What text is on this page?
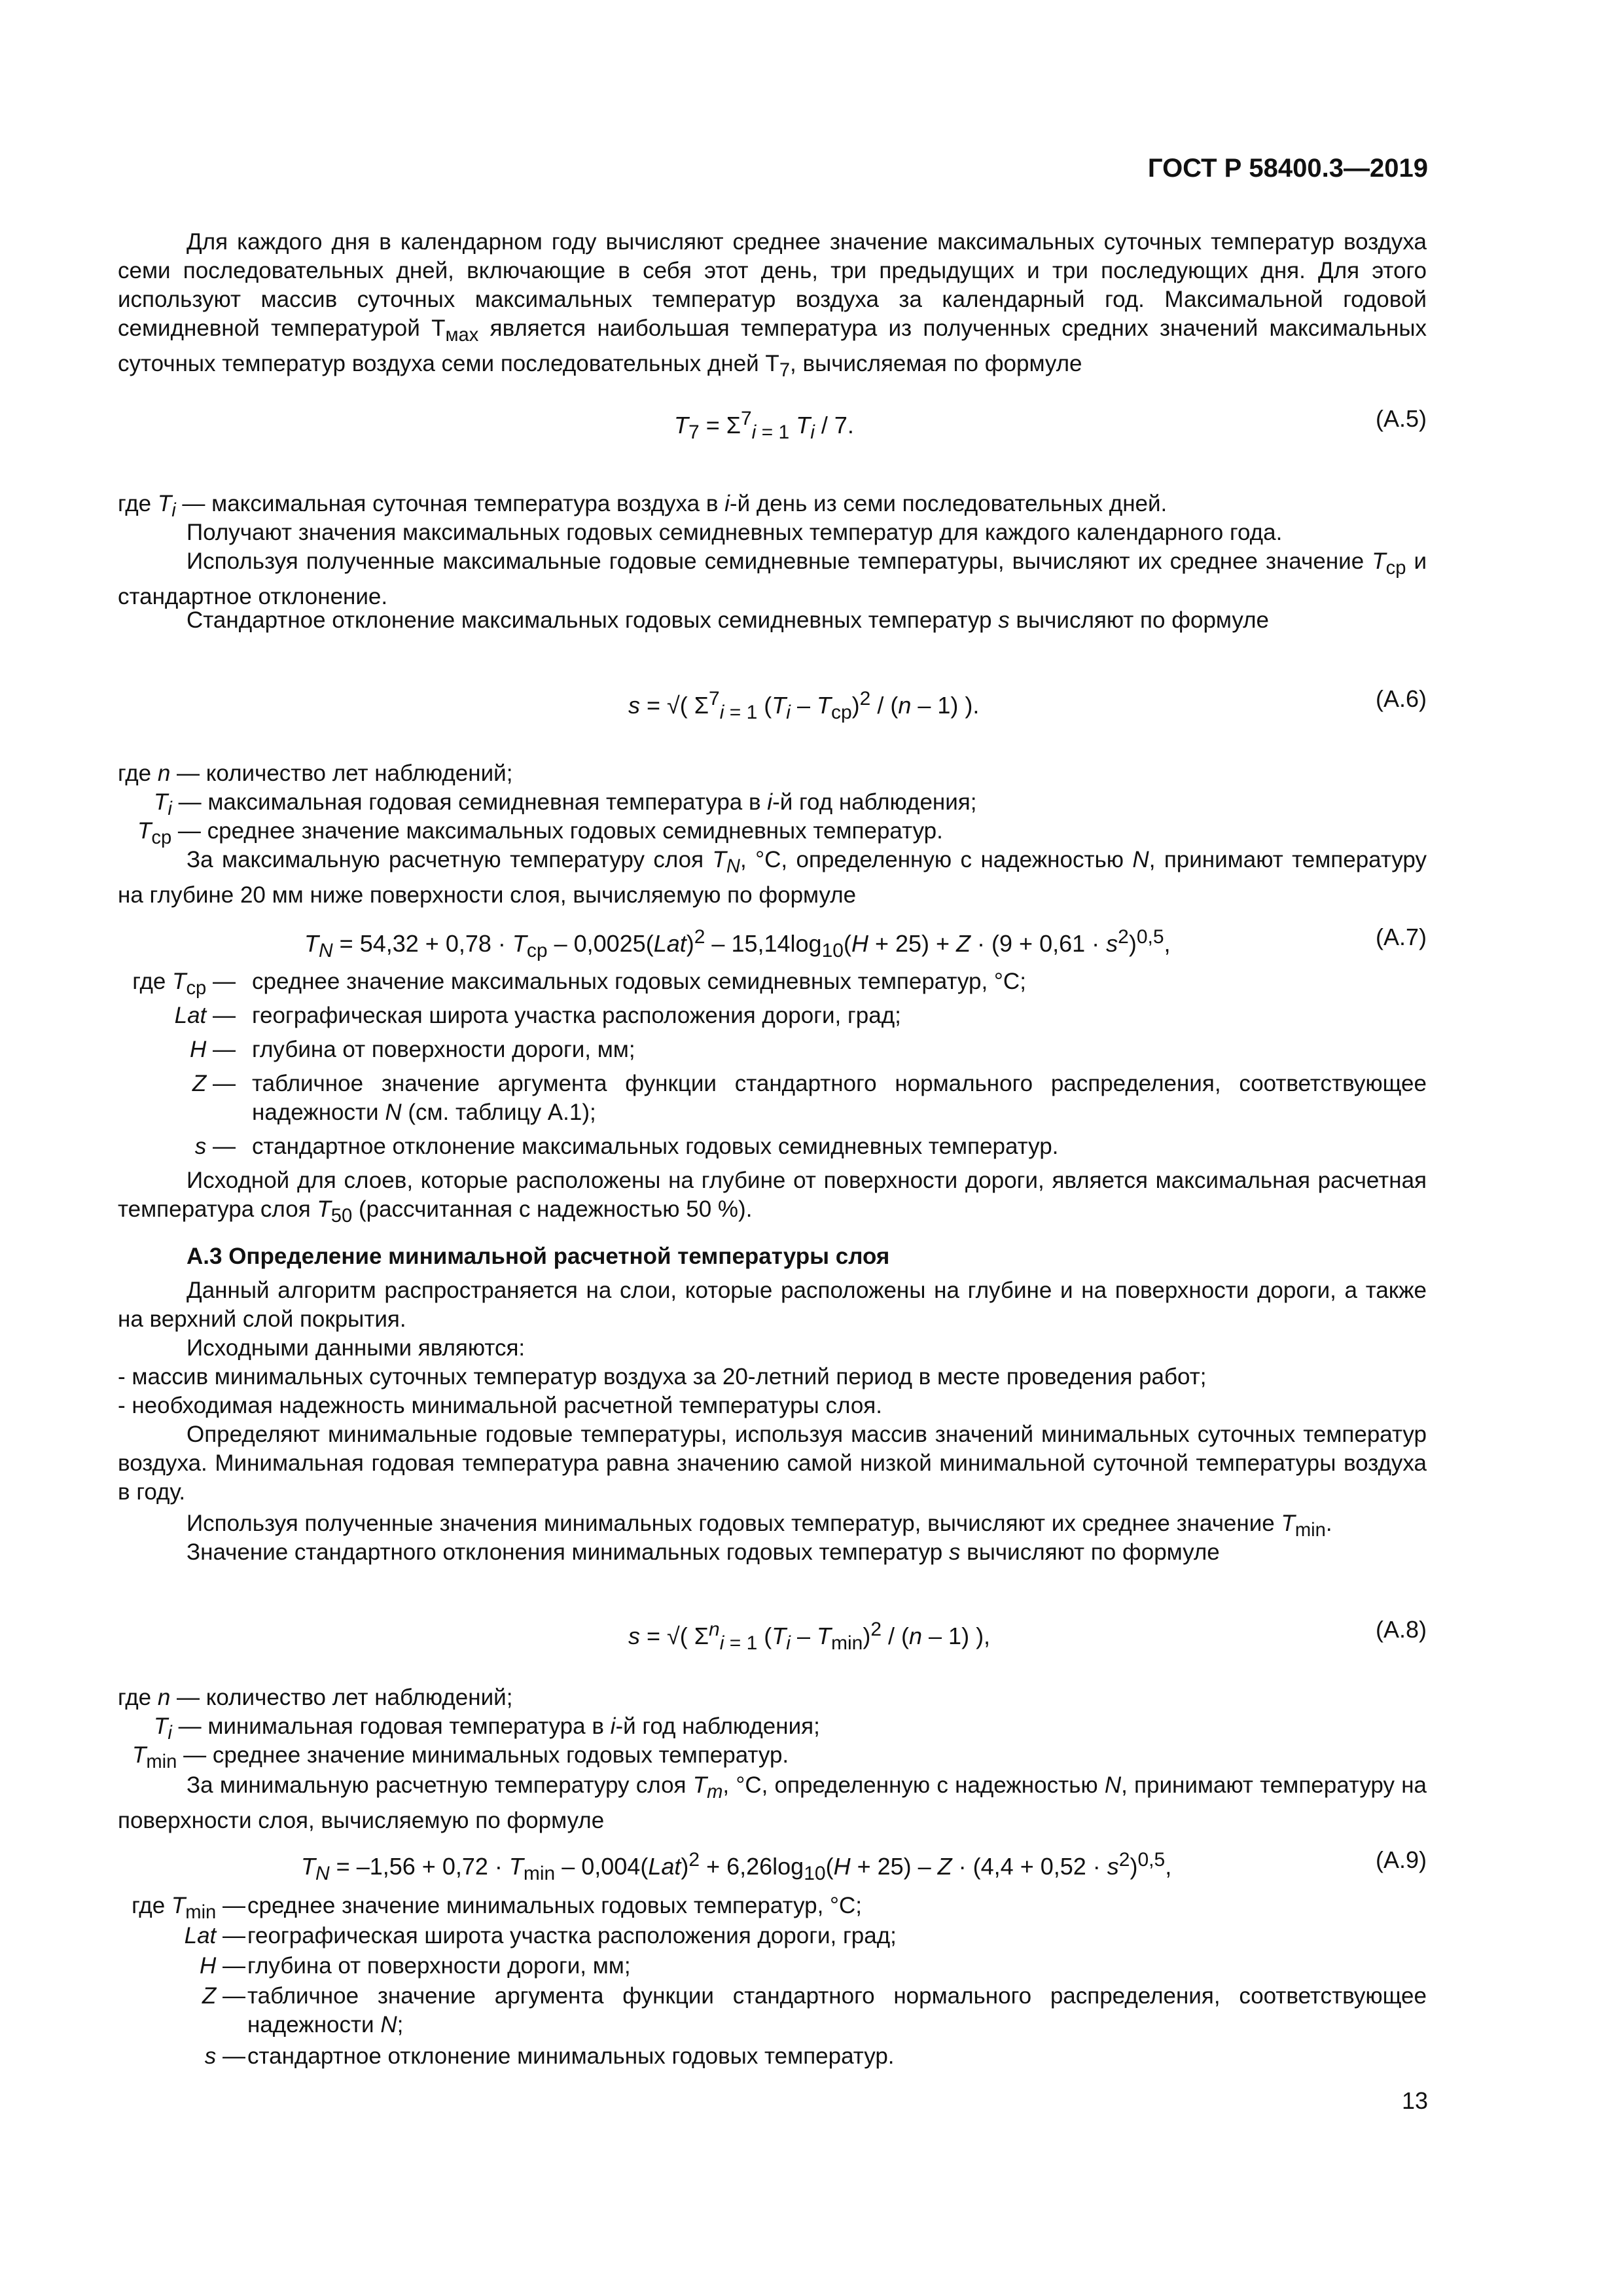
ГОСТ Р 58400.3—2019
Для каждого дня в календарном году вычисляют среднее значение максимальных суточных температур воздуха семи последовательных дней, включающие в себя этот день, три предыдущих и три последующих дня. Для этого используют массив суточных максимальных температур воздуха за календарный год. Максимальной годовой семидневной температурой $T_{мах}$ является наибольшая температура из полученных средних значений максимальных суточных температур воздуха семи последовательных дней $T_7$, вычисляемая по формуле
$T_7 = \Sigma^7_{i = 1}$ $T_i / 7$.	(А.5)
где $T_i$ — максимальная суточная температура воздуха в i-й день из семи последовательных дней.
Получают значения максимальных годовых семидневных температур для каждого календарного года.
Используя полученные максимальные годовые семидневные температуры, вычисляют их среднее значение $T_{ср}$ и стандартное отклонение.
Стандартное отклонение максимальных годовых семидневных температур s вычисляют по формуле
s = √( $\Sigma^7_{i = 1}$ $(T_i - T_{ср})^2 / (n - 1)$ ).	(А.6)
где n — количество лет наблюдений;
$T_i$ — максимальная годовая семидневная температура в i-й год наблюдения;
$T_{ср}$ — среднее значение максимальных годовых семидневных температур.
За максимальную расчетную температуру слоя $T_N$, °С, определенную с надежностью N, принимают температуру на глубине 20 мм ниже поверхности слоя, вычисляемую по формуле
$T_N = 54,32 + 0,78 \cdot T_{ср} - 0,0025(Lat)^2 - 15,14\log_{10}(H + 25) + Z \cdot (9 + 0,61 \cdot s^2)^{0,5}$,	(А.7)
где $T_{ср}$ — среднее значение максимальных годовых семидневных температур, °С;
Lat — географическая широта участка расположения дороги, град;
H — глубина от поверхности дороги, мм;
Z — табличное значение аргумента функции стандартного нормального распределения, соответствующее надежности N (см. таблицу А.1);
s — стандартное отклонение максимальных годовых семидневных температур.
Исходной для слоев, которые расположены на глубине от поверхности дороги, является максимальная расчетная температура слоя $T_{50}$ (рассчитанная с надежностью 50 %).
А.3 Определение минимальной расчетной температуры слоя
Данный алгоритм распространяется на слои, которые расположены на глубине и на поверхности дороги, а также на верхний слой покрытия.
Исходными данными являются:
- массив минимальных суточных температур воздуха за 20-летний период в месте проведения работ;
- необходимая надежность минимальной расчетной температуры слоя.
Определяют минимальные годовые температуры, используя массив значений минимальных суточных температур воздуха. Минимальная годовая температура равна значению самой низкой минимальной суточной температуры воздуха в году.
Используя полученные значения минимальных годовых температур, вычисляют их среднее значение $T_{min}$.
Значение стандартного отклонения минимальных годовых температур s вычисляют по формуле
s = √( $\Sigma^n_{i = 1}$ $(T_i - T_{min})^2 / (n - 1)$ ),	(А.8)
где n — количество лет наблюдений;
$T_i$ — минимальная годовая температура в i-й год наблюдения;
$T_{min}$ — среднее значение минимальных годовых температур.
За минимальную расчетную температуру слоя $T_m$, °С, определенную с надежностью N, принимают температуру на поверхности слоя, вычисляемую по формуле
$T_N = -1,56 + 0,72 \cdot T_{min} - 0,004(Lat)^2 + 6,26\log_{10}(H + 25) - Z \cdot (4,4 + 0,52 \cdot s^2)^{0,5}$,	(А.9)
где $T_{min}$ — среднее значение минимальных годовых температур, °С;
Lat — географическая широта участка расположения дороги, град;
H — глубина от поверхности дороги, мм;
Z — табличное значение аргумента функции стандартного нормального распределения, соответствующее надежности N;
s — стандартное отклонение минимальных годовых температур.
13
